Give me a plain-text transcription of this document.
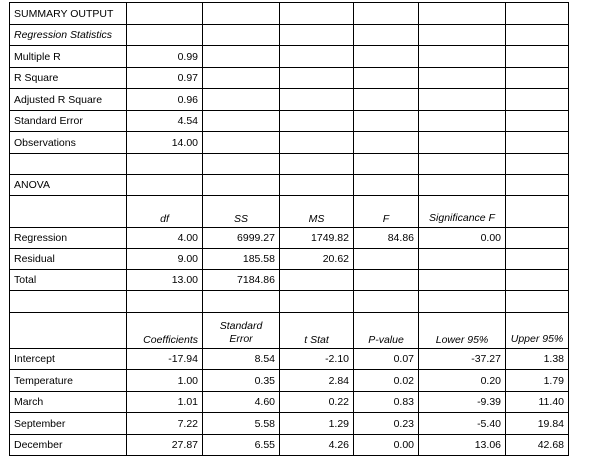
SUMMARY OUTPUT						
Regression Statistics						
Multiple R	0.99					
R Square	0.97					
Adjusted R Square	0.96					
Standard Error	4.54					
Observations	14.00					

ANOVA						
	df	SS	MS	F	Significance F	
Regression	4.00	6999.27	1749.82	84.86	0.00	
Residual	9.00	185.58	20.62			
Total	13.00	7184.86				

	Coefficients	Standard Error	t Stat	P-value	Lower 95%	Upper 95%
Intercept	-17.94	8.54	-2.10	0.07	-37.27	1.38
Temperature	1.00	0.35	2.84	0.02	0.20	1.79
March	1.01	4.60	0.22	0.83	-9.39	11.40
September	7.22	5.58	1.29	0.23	-5.40	19.84
December	27.87	6.55	4.26	0.00	13.06	42.68
